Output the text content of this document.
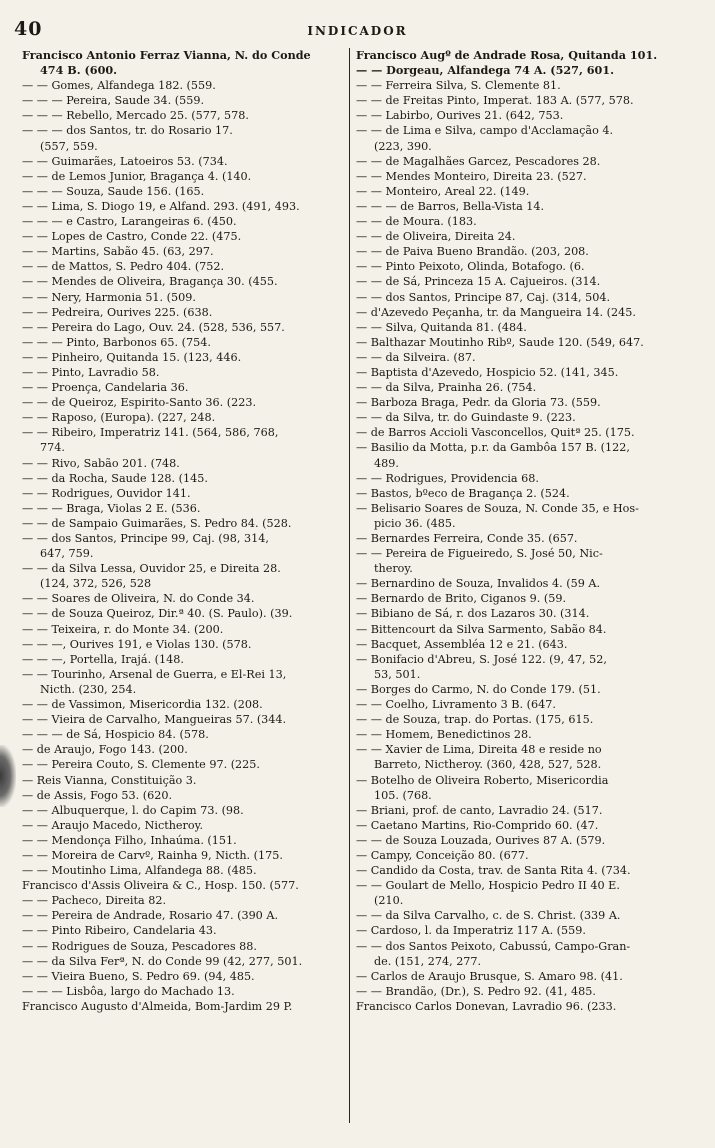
40	INDICADOR
Francisco Antonio Ferraz Vianna, N. do Conde
474 B. (600.
— — Gomes, Alfandega 182. (559.
— — — Pereira, Saude 34. (559.
— — — Rebello, Mercado 25. (577, 578.
— — — dos Santos, tr. do Rosario 17.
(557, 559.
— — Guimarães, Latoeiros 53. (734.
— — de Lemos Junior, Bragança 4. (140.
— — — Souza, Saude 156. (165.
— — Lima, S. Diogo 19, e Alfand. 293. (491, 493.
— — — e Castro, Larangeiras 6. (450.
— — Lopes de Castro, Conde 22. (475.
— — Martins, Sabão 45. (63, 297.
— — de Mattos, S. Pedro 404. (752.
— — Mendes de Oliveira, Bragança 30. (455.
— — Nery, Harmonia 51. (509.
— — Pedreira, Ourives 225. (638.
— — Pereira do Lago, Ouv. 24. (528, 536, 557.
— — — Pinto, Barbonos 65. (754.
— — Pinheiro, Quitanda 15. (123, 446.
— — Pinto, Lavradio 58.
— — Proença, Candelaria 36.
— — de Queiroz, Espirito-Santo 36. (223.
— — Raposo, (Europa). (227, 248.
— — Ribeiro, Imperatriz 141. (564, 586, 768,
774.
— — Rivo, Sabão 201. (748.
— — da Rocha, Saude 128. (145.
— — Rodrigues, Ouvidor 141.
— — — Braga, Violas 2 E. (536.
— — de Sampaio Guimarães, S. Pedro 84. (528.
— — dos Santos, Principe 99, Caj. (98, 314,
647, 759.
— — da Silva Lessa, Ouvidor 25, e Direita 28.
(124, 372, 526, 528
— — Soares de Oliveira, N. do Conde 34.
— — de Souza Queiroz, Dir.ª 40. (S. Paulo). (39.
— — Teixeira, r. do Monte 34. (200.
— — —, Ourives 191, e Violas 130. (578.
— — —, Portella, Irajá. (148.
— — Tourinho, Arsenal de Guerra, e El-Rei 13,
Nicth. (230, 254.
— — de Vassimon, Misericordia 132. (208.
— — Vieira de Carvalho, Mangueiras 57. (344.
— — — de Sá, Hospicio 84. (578.
— de Araujo, Fogo 143. (200.
— — Pereira Couto, S. Clemente 97. (225.
— Reis Vianna, Constituição 3.
— de Assis, Fogo 53. (620.
— — Albuquerque, l. do Capim 73. (98.
— — Araujo Macedo, Nictheroy.
— — Mendonça Filho, Inhaúma. (151.
— — Moreira de Carvº, Rainha 9, Nicth. (175.
— — Moutinho Lima, Alfandega 88. (485.
Francisco d'Assis Oliveira & C., Hosp. 150. (577.
— — Pacheco, Direita 82.
— — Pereira de Andrade, Rosario 47. (390 A.
— — Pinto Ribeiro, Candelaria 43.
— — Rodrigues de Souza, Pescadores 88.
— — da Silva Ferª, N. do Conde 99 (42, 277, 501.
— — Vieira Bueno, S. Pedro 69. (94, 485.
— — — Lisbôa, largo do Machado 13.
Francisco Augusto d'Almeida, Bom-Jardim 29 P.
Francisco Augº de Andrade Rosa, Quitanda 101.
— — Dorgeau, Alfandega 74 A. (527, 601.
— — Ferreira Silva, S. Clemente 81.
— — de Freitas Pinto, Imperat. 183 A. (577, 578.
— — Labirbo, Ourives 21. (642, 753.
— — de Lima e Silva, campo d'Acclamação 4.
(223, 390.
— — de Magalhães Garcez, Pescadores 28.
— — Mendes Monteiro, Direita 23. (527.
— — Monteiro, Areal 22. (149.
— — — de Barros, Bella-Vista 14.
— — de Moura. (183.
— — de Oliveira, Direita 24.
— — de Paiva Bueno Brandão. (203, 208.
— — Pinto Peixoto, Olinda, Botafogo. (6.
— — de Sá, Princeza 15 A. Cajueiros. (314.
— — dos Santos, Principe 87, Caj. (314, 504.
— d'Azevedo Peçanha, tr. da Mangueira 14. (245.
— — Silva, Quitanda 81. (484.
— Balthazar Moutinho Ribº, Saude 120. (549, 647.
— — da Silveira. (87.
— Baptista d'Azevedo, Hospicio 52. (141, 345.
— — da Silva, Prainha 26. (754.
— Barboza Braga, Pedr. da Gloria 73. (559.
— — da Silva, tr. do Guindaste 9. (223.
— de Barros Accioli Vasconcellos, Quitª 25. (175.
— Basilio da Motta, p.r. da Gambôa 157 B. (122,
489.
— — Rodrigues, Providencia 68.
— Bastos, bºeco de Bragança 2. (524.
— Belisario Soares de Souza, N. Conde 35, e Hos-
picio 36. (485.
— Bernardes Ferreira, Conde 35. (657.
— — Pereira de Figueiredo, S. José 50, Nic-
theroy.
— Bernardino de Souza, Invalidos 4. (59 A.
— Bernardo de Brito, Ciganos 9. (59.
— Bibiano de Sá, r. dos Lazaros 30. (314.
— Bittencourt da Silva Sarmento, Sabão 84.
— Bacquet, Assembléa 12 e 21. (643.
— Bonifacio d'Abreu, S. José 122. (9, 47, 52,
53, 501.
— Borges do Carmo, N. do Conde 179. (51.
— — Coelho, Livramento 3 B. (647.
— — de Souza, trap. do Portas. (175, 615.
— — Homem, Benedictinos 28.
— — Xavier de Lima, Direita 48 e reside no
Barreto, Nictheroy. (360, 428, 527, 528.
— Botelho de Oliveira Roberto, Misericordia
105. (768.
— Briani, prof. de canto, Lavradio 24. (517.
— Caetano Martins, Rio-Comprido 60. (47.
— — de Souza Louzada, Ourives 87 A. (579.
— Campy, Conceição 80. (677.
— Candido da Costa, trav. de Santa Rita 4. (734.
— — Goulart de Mello, Hospicio Pedro II 40 E.
(210.
— — da Silva Carvalho, c. de S. Christ. (339 A.
— Cardoso, l. da Imperatriz 117 A. (559.
— — dos Santos Peixoto, Cabussú, Campo-Gran-
de. (151, 274, 277.
— Carlos de Araujo Brusque, S. Amaro 98. (41.
— — Brandão, (Dr.), S. Pedro 92. (41, 485.
Francisco Carlos Donevan, Lavradio 96. (233.
